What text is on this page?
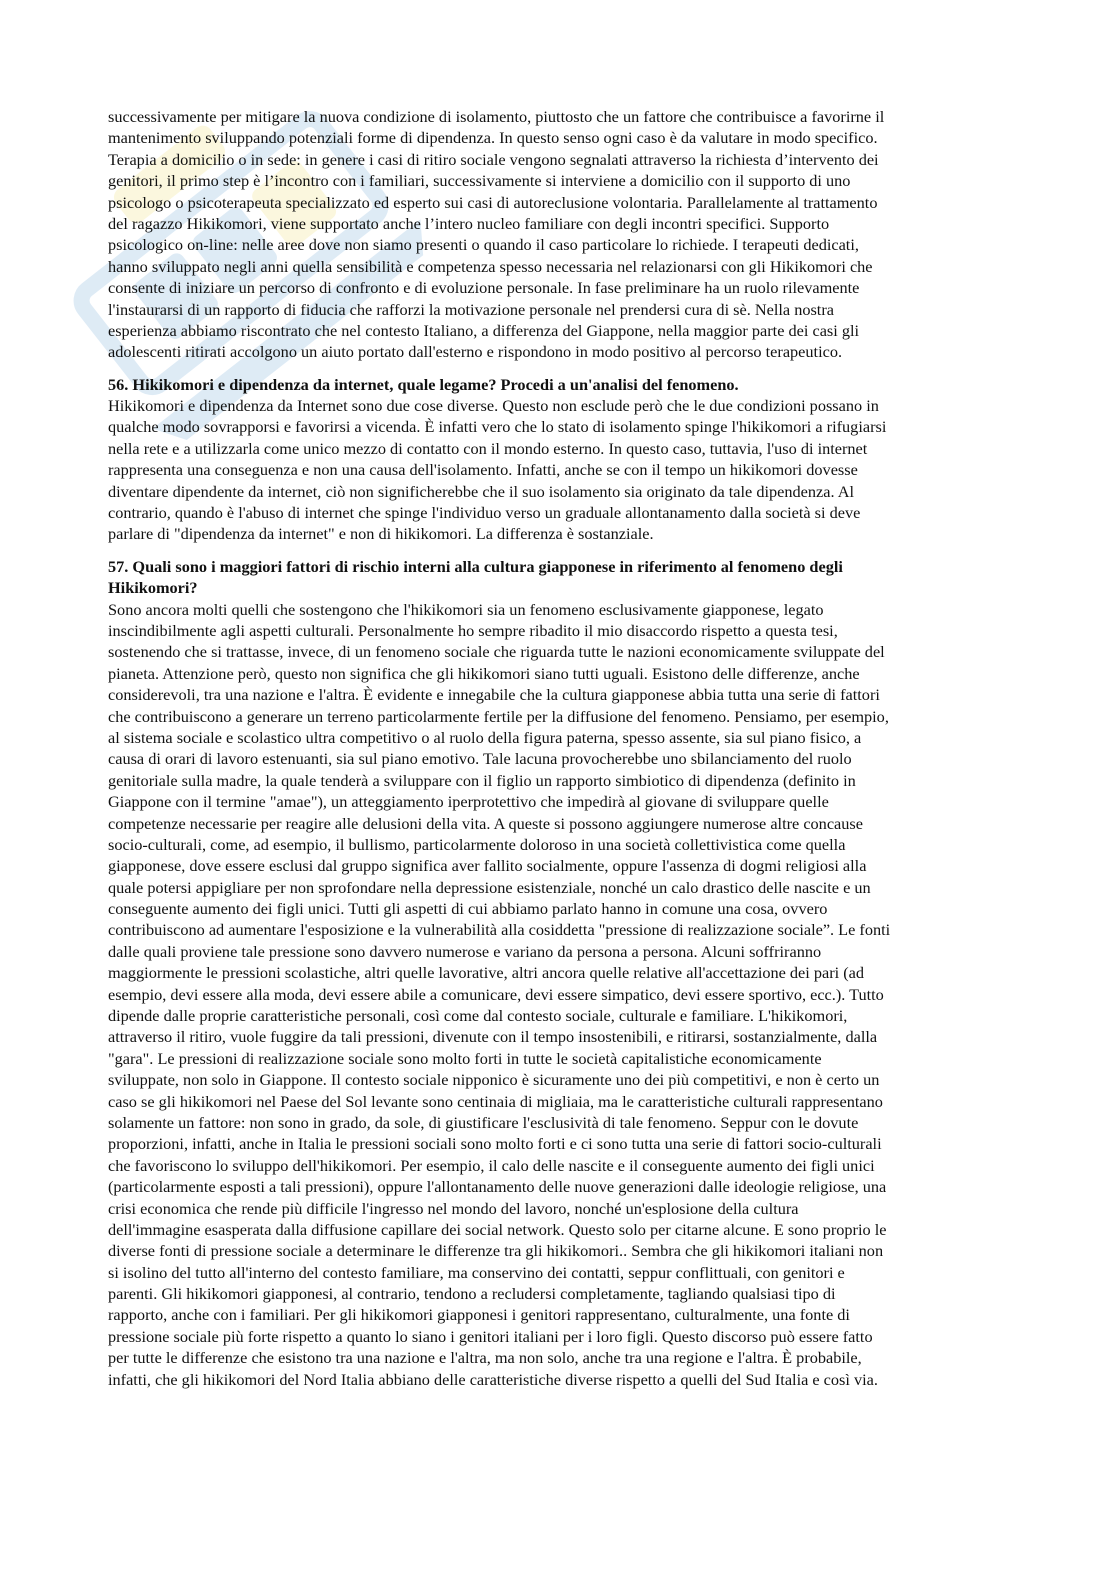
successivamente per mitigare la nuova condizione di isolamento, piuttosto che un fattore che contribuisce a favorirne il
mantenimento sviluppando potenziali forme di dipendenza. In questo senso ogni caso è da valutare in modo specifico.
Terapia a domicilio o in sede: in genere i casi di ritiro sociale vengono segnalati attraverso la richiesta d’intervento dei
genitori, il primo step è l’incontro con i familiari, successivamente si interviene a domicilio con il supporto di uno
psicologo o psicoterapeuta specializzato ed esperto sui casi di autoreclusione volontaria. Parallelamente al trattamento
del ragazzo Hikikomori, viene supportato anche l’intero nucleo familiare con degli incontri specifici. Supporto
psicologico on-line: nelle aree dove non siamo presenti o quando il caso particolare lo richiede. I terapeuti dedicati,
hanno sviluppato negli anni quella sensibilità e competenza spesso necessaria nel relazionarsi con gli Hikikomori che
consente di iniziare un percorso di confronto e di evoluzione personale. In fase preliminare ha un ruolo rilevamente
l'instaurarsi di un rapporto di fiducia che rafforzi la motivazione personale nel prendersi cura di sè. Nella nostra
esperienza abbiamo riscontrato che nel contesto Italiano, a differenza del Giappone, nella maggior parte dei casi gli
adolescenti ritirati accolgono un aiuto portato dall'esterno e rispondono in modo positivo al percorso terapeutico.
56. Hikikomori e dipendenza da internet, quale legame? Procedi a un'analisi del fenomeno.
Hikikomori e dipendenza da Internet sono due cose diverse. Questo non esclude però che le due condizioni possano in
qualche modo sovrapporsi e favorirsi a vicenda. È infatti vero che lo stato di isolamento spinge l'hikikomori a rifugiarsi
nella rete e a utilizzarla come unico mezzo di contatto con il mondo esterno. In questo caso, tuttavia, l'uso di internet
rappresenta una conseguenza e non una causa dell'isolamento. Infatti, anche se con il tempo un hikikomori dovesse
diventare dipendente da internet, ciò non significherebbe che il suo isolamento sia originato da tale dipendenza. Al
contrario, quando è l'abuso di internet che spinge l'individuo verso un graduale allontanamento dalla società si deve
parlare di "dipendenza da internet" e non di hikikomori. La differenza è sostanziale.
57. Quali sono i maggiori fattori di rischio interni alla cultura giapponese in riferimento al fenomeno degli
Hikikomori?
Sono ancora molti quelli che sostengono che l'hikikomori sia un fenomeno esclusivamente giapponese, legato
inscindibilmente agli aspetti culturali. Personalmente ho sempre ribadito il mio disaccordo rispetto a questa tesi,
sostenendo che si trattasse, invece, di un fenomeno sociale che riguarda tutte le nazioni economicamente sviluppate del
pianeta. Attenzione però, questo non significa che gli hikikomori siano tutti uguali. Esistono delle differenze, anche
considerevoli, tra una nazione e l'altra. È evidente e innegabile che la cultura giapponese abbia tutta una serie di fattori
che contribuiscono a generare un terreno particolarmente fertile per la diffusione del fenomeno. Pensiamo, per esempio,
al sistema sociale e scolastico ultra competitivo o al ruolo della figura paterna, spesso assente, sia sul piano fisico, a
causa di orari di lavoro estenuanti, sia sul piano emotivo. Tale lacuna provocherebbe uno sbilanciamento del ruolo
genitoriale sulla madre, la quale tenderà a sviluppare con il figlio un rapporto simbiotico di dipendenza (definito in
Giappone con il termine "amae"), un atteggiamento iperprotettivo che impedirà al giovane di sviluppare quelle
competenze necessarie per reagire alle delusioni della vita. A queste si possono aggiungere numerose altre concause
socio-culturali, come, ad esempio, il bullismo, particolarmente doloroso in una società collettivistica come quella
giapponese, dove essere esclusi dal gruppo significa aver fallito socialmente, oppure l'assenza di dogmi religiosi alla
quale potersi appigliare per non sprofondare nella depressione esistenziale, nonché un calo drastico delle nascite e un
conseguente aumento dei figli unici. Tutti gli aspetti di cui abbiamo parlato hanno in comune una cosa, ovvero
contribuiscono ad aumentare l'esposizione e la vulnerabilità alla cosiddetta "pressione di realizzazione sociale”. Le fonti
dalle quali proviene tale pressione sono davvero numerose e variano da persona a persona. Alcuni soffriranno
maggiormente le pressioni scolastiche, altri quelle lavorative, altri ancora quelle relative all'accettazione dei pari (ad
esempio, devi essere alla moda, devi essere abile a comunicare, devi essere simpatico, devi essere sportivo, ecc.). Tutto
dipende dalle proprie caratteristiche personali, così come dal contesto sociale, culturale e familiare. L'hikikomori,
attraverso il ritiro, vuole fuggire da tali pressioni, divenute con il tempo insostenibili, e ritirarsi, sostanzialmente, dalla
"gara". Le pressioni di realizzazione sociale sono molto forti in tutte le società capitalistiche economicamente
sviluppate, non solo in Giappone. Il contesto sociale nipponico è sicuramente uno dei più competitivi, e non è certo un
caso se gli hikikomori nel Paese del Sol levante sono centinaia di migliaia, ma le caratteristiche culturali rappresentano
solamente un fattore: non sono in grado, da sole, di giustificare l'esclusività di tale fenomeno. Seppur con le dovute
proporzioni, infatti, anche in Italia le pressioni sociali sono molto forti e ci sono tutta una serie di fattori socio-culturali
che favoriscono lo sviluppo dell'hikikomori. Per esempio, il calo delle nascite e il conseguente aumento dei figli unici
(particolarmente esposti a tali pressioni), oppure l'allontanamento delle nuove generazioni dalle ideologie religiose, una
crisi economica che rende più difficile l'ingresso nel mondo del lavoro, nonché un'esplosione della cultura
dell'immagine esasperata dalla diffusione capillare dei social network. Questo solo per citarne alcune. E sono proprio le
diverse fonti di pressione sociale a determinare le differenze tra gli hikikomori.. Sembra che gli hikikomori italiani non
si isolino del tutto all'interno del contesto familiare, ma conservino dei contatti, seppur conflittuali, con genitori e
parenti. Gli hikikomori giapponesi, al contrario, tendono a recludersi completamente, tagliando qualsiasi tipo di
rapporto, anche con i familiari. Per gli hikikomori giapponesi i genitori rappresentano, culturalmente, una fonte di
pressione sociale più forte rispetto a quanto lo siano i genitori italiani per i loro figli. Questo discorso può essere fatto
per tutte le differenze che esistono tra una nazione e l'altra, ma non solo, anche tra una regione e l'altra. È probabile,
infatti, che gli hikikomori del Nord Italia abbiano delle caratteristiche diverse rispetto a quelli del Sud Italia e così via.
